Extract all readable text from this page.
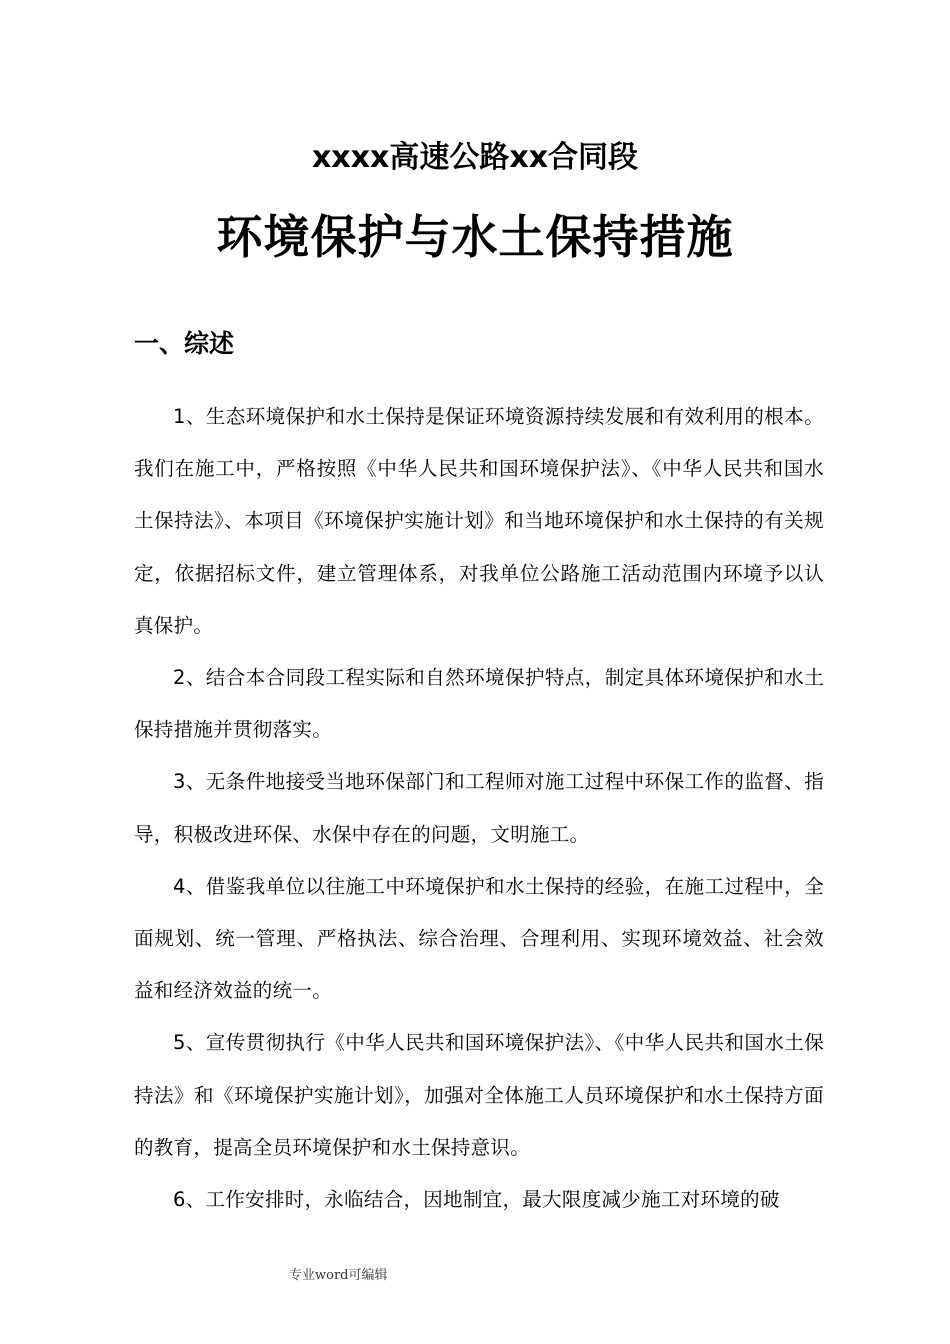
xxxx高速公路xx合同段
环境保护与水土保持措施
一、综述

1、生态环境保护和水土保持是保证环境资源持续发展和有效利用的根本。我们在施工中，严格按照《中华人民共和国环境保护法》、《中华人民共和国水土保持法》、本项目《环境保护实施计划》和当地环境保护和水土保持的有关规定，依据招标文件，建立管理体系，对我单位公路施工活动范围内环境予以认真保护。

2、结合本合同段工程实际和自然环境保护特点，制定具体环境保护和水土保持措施并贯彻落实。

3、无条件地接受当地环保部门和工程师对施工过程中环保工作的监督、指导，积极改进环保、水保中存在的问题，文明施工。

4、借鉴我单位以往施工中环境保护和水土保持的经验，在施工过程中，全面规划、统一管理、严格执法、综合治理、合理利用、实现环境效益、社会效益和经济效益的统一。

5、宣传贯彻执行《中华人民共和国环境保护法》、《中华人民共和国水土保持法》和《环境保护实施计划》，加强对全体施工人员环境保护和水土保持方面的教育，提高全员环境保护和水土保持意识。

6、工作安排时，永临结合，因地制宜，最大限度减少施工对环境的破

专业word可编辑
